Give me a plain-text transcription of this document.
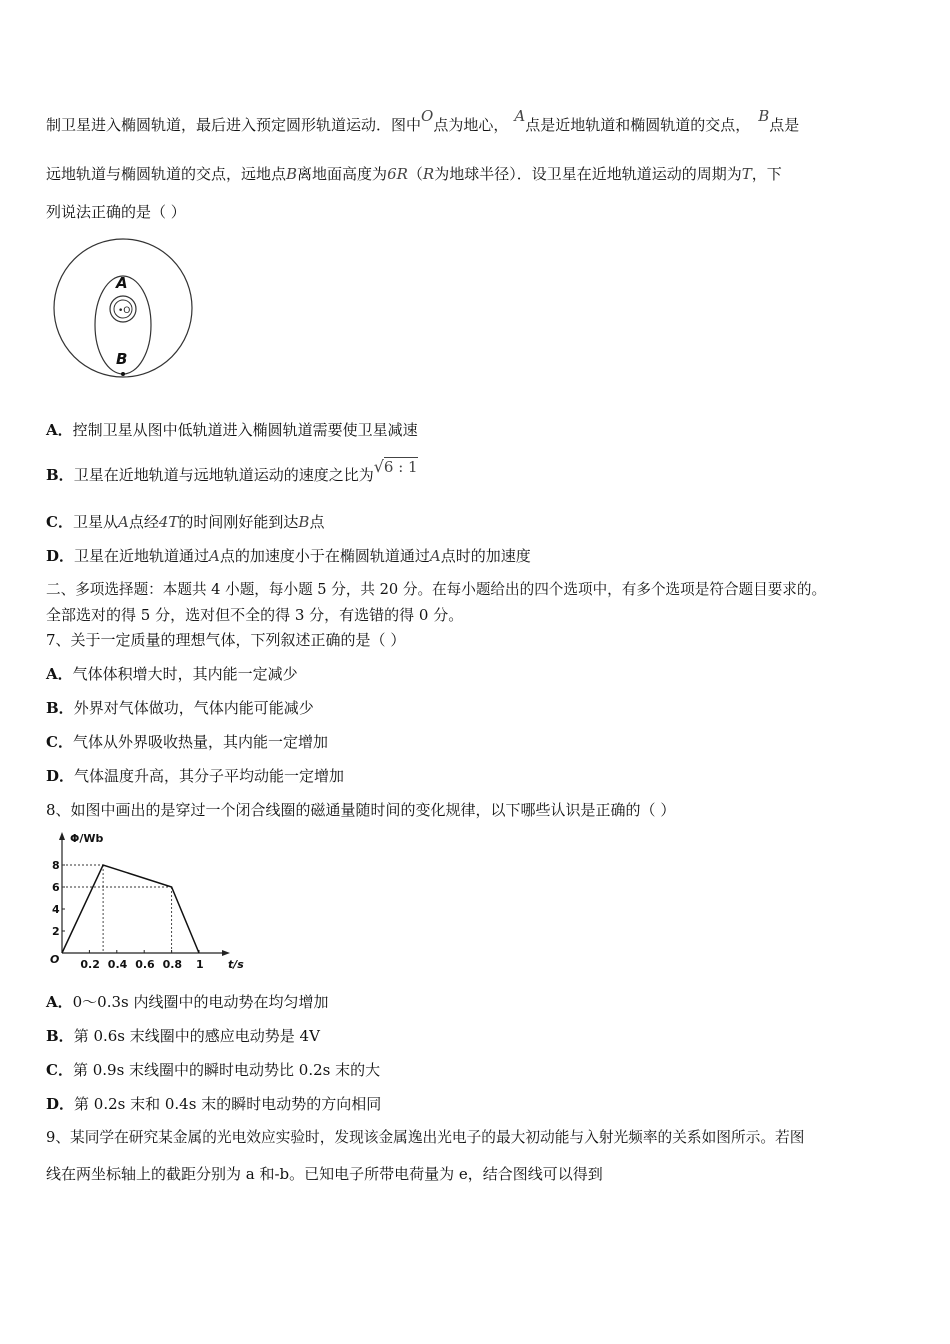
制卫星进入椭圆轨道，最后进入预定圆形轨道运动．图中O点为地心， A点是近地轨道和椭圆轨道的交点， B点是
远地轨道与椭圆轨道的交点，远地点B离地面高度为6R（R为地球半径）．设卫星在近地轨道运动的周期为T，下
列说法正确的是（ ）
•O
A
B
A．控制卫星从图中低轨道进入椭圆轨道需要使卫星减速
B．卫星在近地轨道与远地轨道运动的速度之比为√6 : 1
C．卫星从A点经4T的时间刚好能到达B点
D．卫星在近地轨道通过A点的加速度小于在椭圆轨道通过A点时的加速度
二、多项选择题：本题共 4 小题，每小题 5 分，共 20 分。在每小题给出的四个选项中，有多个选项是符合题目要求的。
全部选对的得 5 分，选对但不全的得 3 分，有选错的得 0 分。
7、关于一定质量的理想气体，下列叙述正确的是（ ）
A．气体体积增大时，其内能一定减少
B．外界对气体做功，气体内能可能减少
C．气体从外界吸收热量，其内能一定增加
D．气体温度升高，其分子平均动能一定增加
8、如图中画出的是穿过一个闭合线圈的磁通量随时间的变化规律，以下哪些认识是正确的（ ）
Φ/Wb
t/s
O
8
6
4
2
0.2 0.4 0.6 0.8 1
A．0～0.3s 内线圈中的电动势在均匀增加
B．第 0.6s 末线圈中的感应电动势是 4V
C．第 0.9s 末线圈中的瞬时电动势比 0.2s 末的大
D．第 0.2s 末和 0.4s 末的瞬时电动势的方向相同
9、某同学在研究某金属的光电效应实验时，发现该金属逸出光电子的最大初动能与入射光频率的关系如图所示。若图
线在两坐标轴上的截距分别为 a 和-b。已知电子所带电荷量为 e，结合图线可以得到
